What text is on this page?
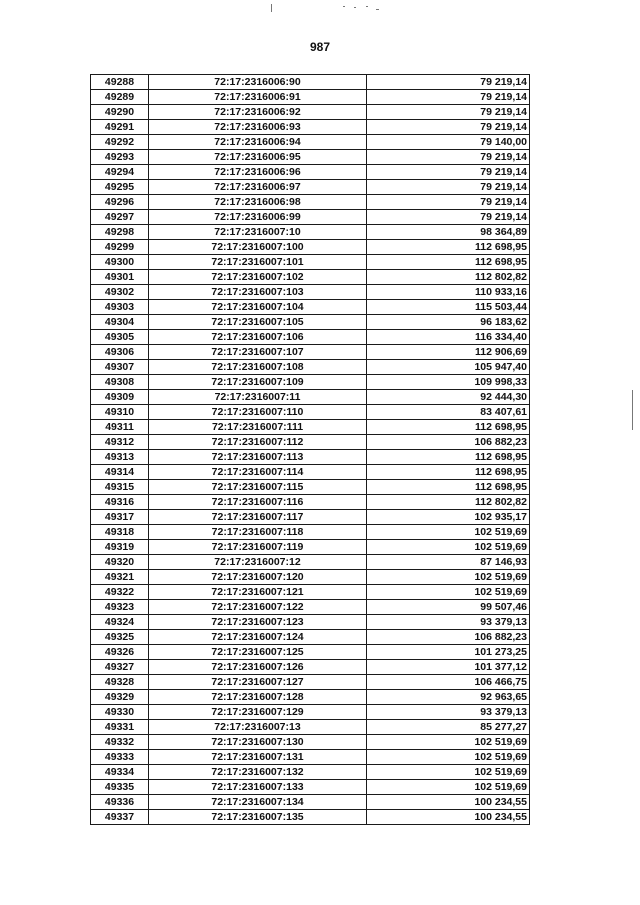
987
49288	72:17:2316006:90	79 219,14
49289	72:17:2316006:91	79 219,14
49290	72:17:2316006:92	79 219,14
49291	72:17:2316006:93	79 219,14
49292	72:17:2316006:94	79 140,00
49293	72:17:2316006:95	79 219,14
49294	72:17:2316006:96	79 219,14
49295	72:17:2316006:97	79 219,14
49296	72:17:2316006:98	79 219,14
49297	72:17:2316006:99	79 219,14
49298	72:17:2316007:10	98 364,89
49299	72:17:2316007:100	112 698,95
49300	72:17:2316007:101	112 698,95
49301	72:17:2316007:102	112 802,82
49302	72:17:2316007:103	110 933,16
49303	72:17:2316007:104	115 503,44
49304	72:17:2316007:105	96 183,62
49305	72:17:2316007:106	116 334,40
49306	72:17:2316007:107	112 906,69
49307	72:17:2316007:108	105 947,40
49308	72:17:2316007:109	109 998,33
49309	72:17:2316007:11	92 444,30
49310	72:17:2316007:110	83 407,61
49311	72:17:2316007:111	112 698,95
49312	72:17:2316007:112	106 882,23
49313	72:17:2316007:113	112 698,95
49314	72:17:2316007:114	112 698,95
49315	72:17:2316007:115	112 698,95
49316	72:17:2316007:116	112 802,82
49317	72:17:2316007:117	102 935,17
49318	72:17:2316007:118	102 519,69
49319	72:17:2316007:119	102 519,69
49320	72:17:2316007:12	87 146,93
49321	72:17:2316007:120	102 519,69
49322	72:17:2316007:121	102 519,69
49323	72:17:2316007:122	99 507,46
49324	72:17:2316007:123	93 379,13
49325	72:17:2316007:124	106 882,23
49326	72:17:2316007:125	101 273,25
49327	72:17:2316007:126	101 377,12
49328	72:17:2316007:127	106 466,75
49329	72:17:2316007:128	92 963,65
49330	72:17:2316007:129	93 379,13
49331	72:17:2316007:13	85 277,27
49332	72:17:2316007:130	102 519,69
49333	72:17:2316007:131	102 519,69
49334	72:17:2316007:132	102 519,69
49335	72:17:2316007:133	102 519,69
49336	72:17:2316007:134	100 234,55
49337	72:17:2316007:135	100 234,55
